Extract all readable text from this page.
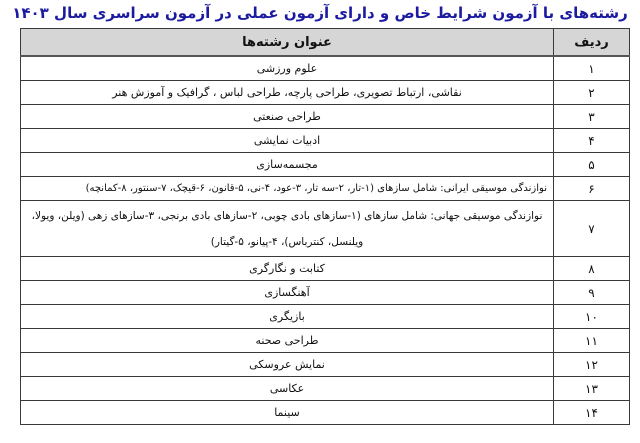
رشته‌های با آزمون شرایط خاص و دارای آزمون عملی در آزمون سراسری سال ۱۴۰۳
ردیف	عنوان رشته‌ها
۱	علوم ورزشی
۲	نقاشی، ارتباط تصویری، طراحی پارچه، طراحی لباس ، گرافیک و آموزش هنر
۳	طراحی صنعتی
۴	ادبیات نمایشی
۵	مجسمه‌سازی
۶	نوازندگی موسیقی ایرانی: شامل سازهای (۱-تار، ۲-سه تار، ۳-عود، ۴-نی، ۵-قانون، ۶-قیچک، ۷-سنتور، ۸-کمانچه)
۷	نوازندگی موسیقی جهانی: شامل سازهای (۱-سازهای بادی چوبی، ۲-سازهای بادی برنجی، ۳-سازهای زهی (ویلن، ویولا، ویلنسل، کنترباس)، ۴-پیانو، ۵-گیتار)
۸	کتابت و نگارگری
۹	آهنگسازی
۱۰	بازیگری
۱۱	طراحی صحنه
۱۲	نمایش عروسکی
۱۳	عکاسی
۱۴	سینما
